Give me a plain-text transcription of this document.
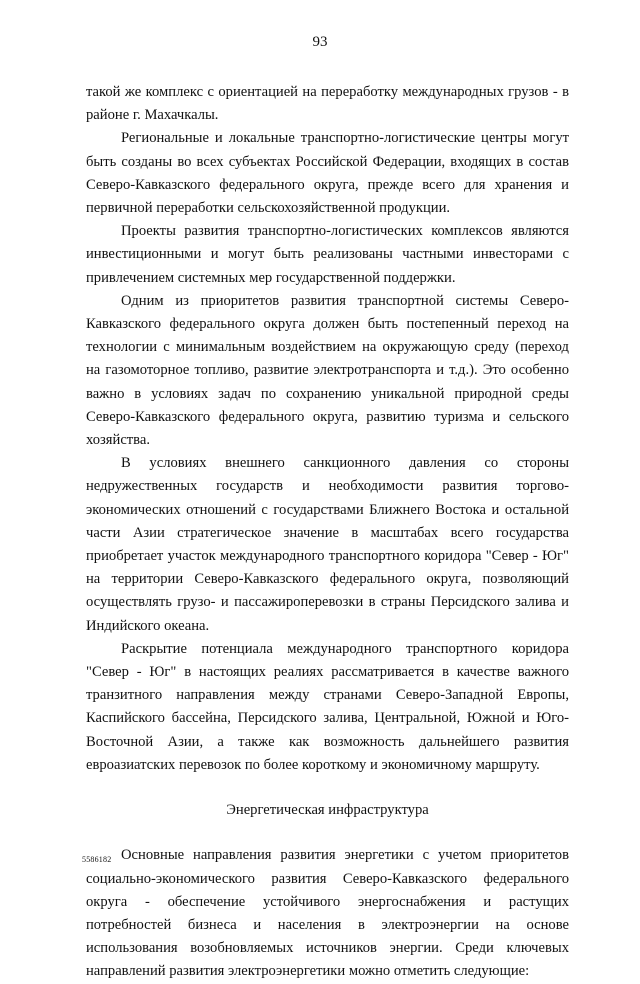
93

такой же комплекс с ориентацией на переработку международных грузов - в районе г. Махачкалы.

Региональные и локальные транспортно-логистические центры могут быть созданы во всех субъектах Российской Федерации, входящих в состав Северо-Кавказского федерального округа, прежде всего для хранения и первичной переработки сельскохозяйственной продукции.

Проекты развития транспортно-логистических комплексов являются инвестиционными и могут быть реализованы частными инвесторами с привлечением системных мер государственной поддержки.

Одним из приоритетов развития транспортной системы Северо-Кавказского федерального округа должен быть постепенный переход на технологии с минимальным воздействием на окружающую среду (переход на газомоторное топливо, развитие электротранспорта и т.д.). Это особенно важно в условиях задач по сохранению уникальной природной среды Северо-Кавказского федерального округа, развитию туризма и сельского хозяйства.

В условиях внешнего санкционного давления со стороны недружественных государств и необходимости развития торгово-экономических отношений с государствами Ближнего Востока и остальной части Азии стратегическое значение в масштабах всего государства приобретает участок международного транспортного коридора "Север - Юг" на территории Северо-Кавказского федерального округа, позволяющий осуществлять грузо- и пассажироперевозки в страны Персидского залива и Индийского океана.

Раскрытие потенциала международного транспортного коридора "Север - Юг" в настоящих реалиях рассматривается в качестве важного транзитного направления между странами Северо-Западной Европы, Каспийского бассейна, Персидского залива, Центральной, Южной и Юго-Восточной Азии, а также как возможность дальнейшего развития евроазиатских перевозок по более короткому и экономичному маршруту.

Энергетическая инфраструктура

Основные направления развития энергетики с учетом приоритетов социально-экономического развития Северо-Кавказского федерального округа - обеспечение устойчивого энергоснабжения и растущих потребностей бизнеса и населения в электроэнергии на основе использования возобновляемых источников энергии. Среди ключевых направлений развития электроэнергетики можно отметить следующие:

5586182
